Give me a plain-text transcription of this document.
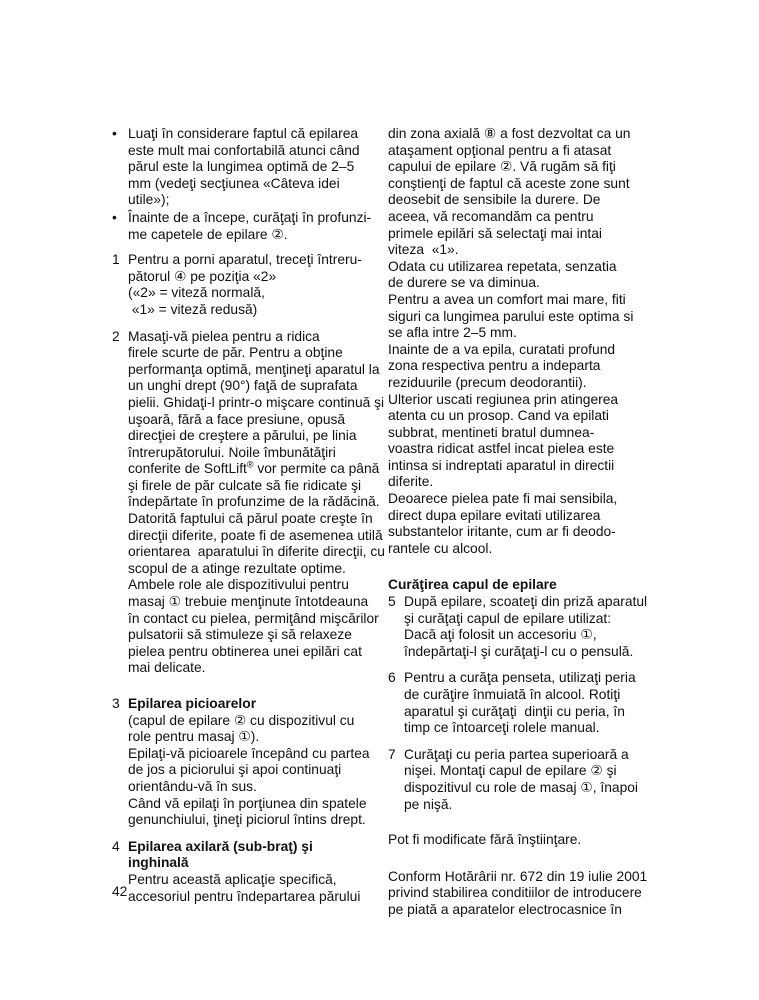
• Luaţi în considerare faptul că epilarea
este mult mai confortabilă atunci când
părul este la lungimea optimă de 2–5
mm (vedeţi secţiunea «Câteva idei
utile»);
• Înainte de a începe, curăţaţi în profunzi-
me capetele de epilare ②.
1 Pentru a porni aparatul, treceţi întreru-
pătorul ④ pe poziţia «2»
(«2» = viteză normală,
«1» = viteză redusă)
2 Masaţi-vă pielea pentru a ridica
firele scurte de păr. Pentru a obţine
performanţa optimă, menţineţi aparatul la
un unghi drept (90°) faţă de suprafata
pielii. Ghidaţi-l printr-o mişcare continuă şi
uşoară, fără a face presiune, opusă
direcţiei de creştere a părului, pe linia
întrerupătorului. Noile îmbunătăţiri
conferite de SoftLift® vor permite ca până
şi firele de păr culcate să fie ridicate şi
îndepărtate în profunzime de la rădăcină.
Datorită faptului că părul poate creşte în
direcţii diferite, poate fi de asemenea utilă
orientarea  aparatului în diferite direcţii, cu
scopul de a atinge rezultate optime.
Ambele role ale dispozitivului pentru
masaj ① trebuie menţinute întotdeauna
în contact cu pielea, permiţând mişcărilor
pulsatorii să stimuleze şi să relaxeze
pielea pentru obtinerea unei epilări cat
mai delicate.
3 Epilarea picioarelor
(capul de epilare ② cu dispozitivul cu
role pentru masaj ①).
Epilaţi-vă picioarele începând cu partea
de jos a piciorului şi apoi continuaţi
orientându-vă în sus.
Când vă epilaţi în porţiunea din spatele
genunchiului, ţineţi piciorul întins drept.
4 Epilarea axilară (sub-braţ) şi
inghinală
Pentru această aplicaţie specifică,
accesoriul pentru îndepartarea părului
din zona axială ⑧ a fost dezvoltat ca un
ataşament opţional pentru a fi atasat
capului de epilare ②. Vă rugăm să fiţi
conştienţi de faptul că aceste zone sunt
deosebit de sensibile la durere. De
aceea, vă recomandăm ca pentru
primele epilări să selectaţi mai intai
viteza  «1».
Odata cu utilizarea repetata, senzatia
de durere se va diminua.
Pentru a avea un comfort mai mare, fiti
siguri ca lungimea parului este optima si
se afla intre 2–5 mm.
Inainte de a va epila, curatati profund
zona respectiva pentru a indeparta
reziduurile (precum deodorantii).
Ulterior uscati regiunea prin atingerea
atenta cu un prosop. Cand va epilati
subbrat, mentineti bratul dumnea-
voastra ridicat astfel incat pielea este
intinsa si indreptati aparatul in directii
diferite.
Deoarece pielea pate fi mai sensibila,
direct dupa epilare evitati utilizarea
substantelor iritante, cum ar fi deodo-
rantele cu alcool.
Curăţirea capul de epilare
5 După epilare, scoateţi din priză aparatul
şi curăţaţi capul de epilare utilizat:
Dacă aţi folosit un accesoriu ①,
îndepărtaţi-l şi curăţaţi-l cu o pensulă.
6 Pentru a curăţa penseta, utilizaţi peria
de curăţire înmuiată în alcool. Rotiţi
aparatul şi curăţaţi  dinţii cu peria, în
timp ce întoarceţi rolele manual.
7 Curăţaţi cu peria partea superioară a
nişei. Montaţi capul de epilare ② şi
dispozitivul cu role de masaj ①, înapoi
pe nişă.
Pot fi modificate fără înştiinţare.
Conform Hotărârii nr. 672 din 19 iulie 2001
privind stabilirea conditiilor de introducere
pe piată a aparatelor electrocasnice în
42
